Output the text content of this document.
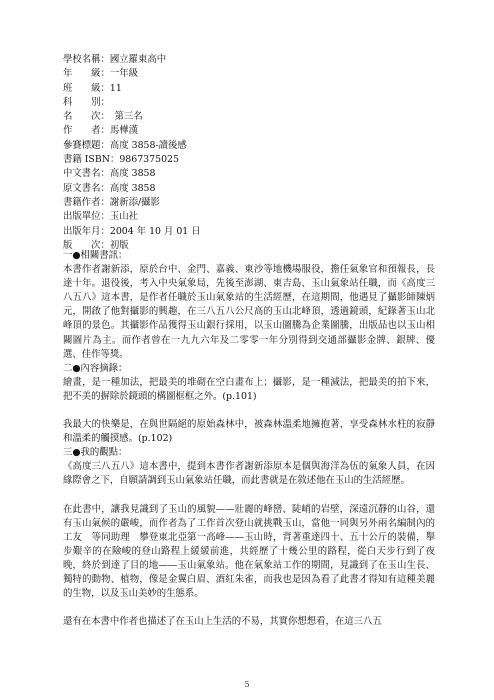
學校名稱：國立羅東高中
年　　級：一年級
班　　級：11
科　　別：
名　　次：　第三名
作　　者：馬樺漢
參賽標題：高度 3858-讀後感
書籍 ISBN：9867375025
中文書名：高度 3858
原文書名：高度 3858
書籍作者：謝新添/攝影
出版單位：玉山社
出版年月：2004 年 10 月 01 日
版　　次：初版
一●相關書訊：
本書作者謝新添，原於台中、金門、嘉義、東沙等地機場服役，擔任氣象官和預報長，長達十年。退役後，考入中央氣象局，先後至澎湖、東吉島、玉山氣象站任職，而《高度三八五八》這本書，是作者任職於玉山氣象站的生活經歷，在這期間，他遇見了攝影師陳炳元，開啟了他對攝影的興趣，在三八五八公尺高的玉山北峰頂，透過鏡頭，紀錄著玉山北峰頂的景色。其攝影作品獲得玉山銀行採用，以玉山圖騰為企業圖騰，出版品也以玉山相關圖片為主。而作者曾在一九九六年及二零零一年分別得到交通部攝影金牌、銀牌、優選、佳作等獎。
二●內容摘錄：
繪畫，是一種加法，把最美的堆砌在空白畫布上；攝影，是一種減法，把最美的拍下來，把不美的摒除於鏡頭的構圖框框之外。(p.101)
我最大的快樂是，在與世隔絕的原始森林中，被森林溫柔地擁抱著，享受森林水柱的寂靜和溫柔的觸摸感。(p.102)
三●我的觀點：
《高度三八五八》這本書中，提到本書作者謝新添原本是個與海洋為伍的氣象人員，在因緣際會之下，自願請調到玉山氣象站任職，而此書就是在敘述他在玉山的生活經歷。
在此書中，讓我見識到了玉山的風貌——壯麗的峰巒、陡峭的岩壁，深遠沉靜的山谷，還有玉山氣候的嚴峻，而作者為了工作首次登山就挑戰玉山，當他一同與另外兩名編制內的工友　等同助理　攀登東北亞第一高峰——玉山時，背著重達四十、五十公斤的裝備，舉步艱辛的在險峻的登山路程上緩緩前進，共經歷了十幾公里的路程，從白天步行到了夜晚，終於到達了目的地——玉山氣象站。他在氣象站工作的期間，見識到了在玉山生長、獨特的動物、植物，像是金翼白眉、酒紅朱雀，而我也是因為看了此書才得知有這種美麗的生物，以及玉山美妙的生態系。
還有在本書中作者也描述了在玉山上生活的不易，其實你想想看，在這三八五
5
